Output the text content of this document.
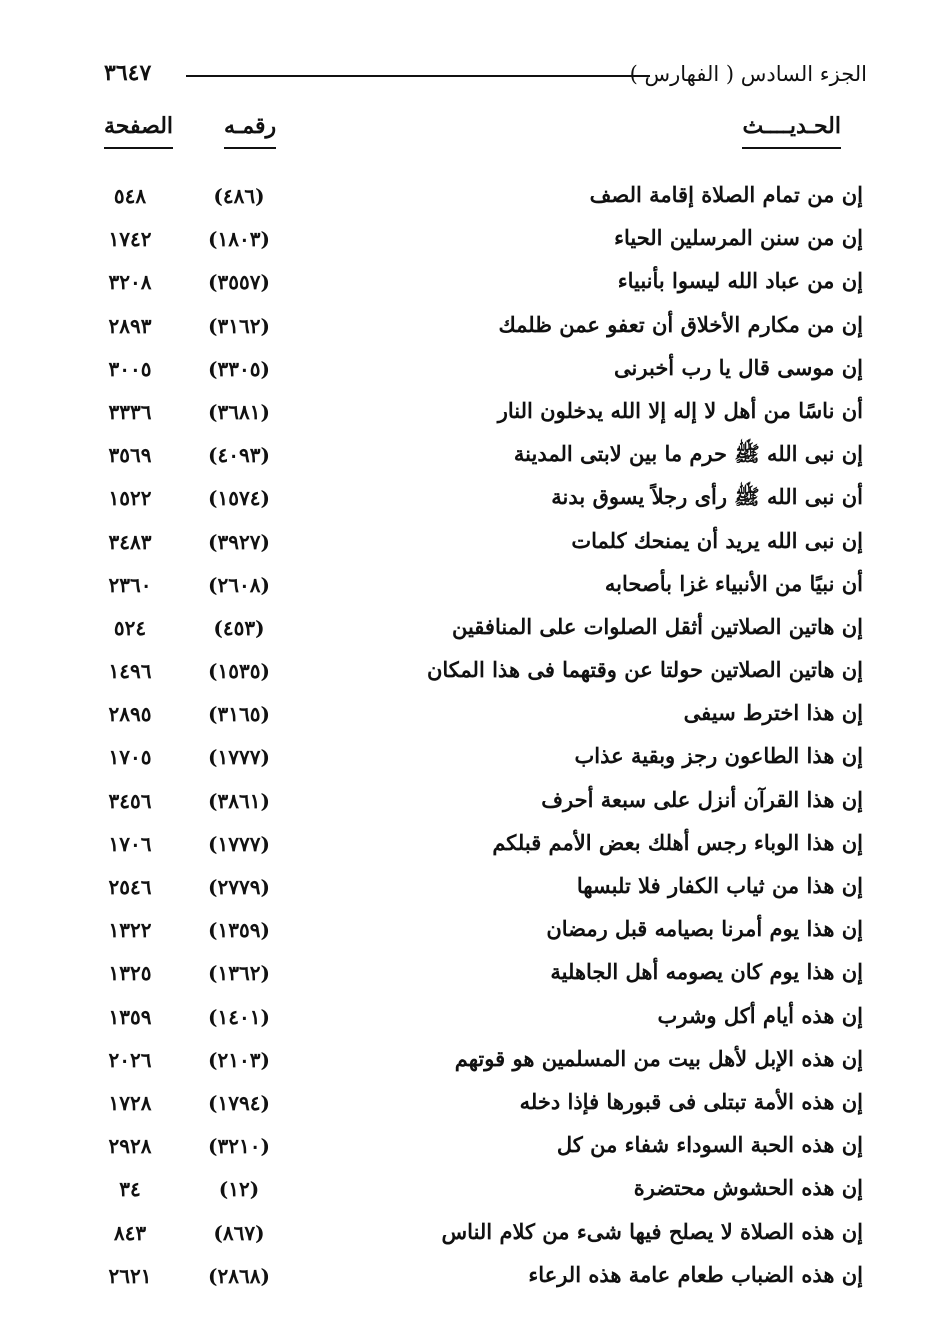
الجزء السادس ( الفهارس )
٣٦٤٧
الحـديــــث
رقمـه
الصفحة
إن من تمام الصلاة إقامة الصف
(٤٨٦)
٥٤٨
إن من سنن المرسلين الحياء
(١٨٠٣)
١٧٤٢
إن من عباد الله ليسوا بأنبياء
(٣٥٥٧)
٣٢٠٨
إن من مكارم الأخلاق أن تعفو عمن ظلمك
(٣١٦٢)
٢٨٩٣
إن موسى قال يا رب أخبرنى
(٣٣٠٥)
٣٠٠٥
أن ناسًا من أهل لا إله إلا الله يدخلون النار
(٣٦٨١)
٣٣٣٦
إن نبى الله ﷺ حرم ما بين لابتى المدينة
(٤٠٩٣)
٣٥٦٩
أن نبى الله ﷺ رأى رجلاً يسوق بدنة
(١٥٧٤)
١٥٢٢
إن نبى الله يريد أن يمنحك كلمات
(٣٩٢٧)
٣٤٨٣
أن نبيًا من الأنبياء غزا بأصحابه
(٢٦٠٨)
٢٣٦٠
إن هاتين الصلاتين أثقل الصلوات على المنافقين
(٤٥٣)
٥٢٤
إن هاتين الصلاتين حولتا عن وقتهما فى هذا المكان
(١٥٣٥)
١٤٩٦
إن هذا اخترط سيفى
(٣١٦٥)
٢٨٩٥
إن هذا الطاعون رجز وبقية عذاب
(١٧٧٧)
١٧٠٥
إن هذا القرآن أنزل على سبعة أحرف
(٣٨٦١)
٣٤٥٦
إن هذا الوباء رجس أهلك بعض الأمم قبلكم
(١٧٧٧)
١٧٠٦
إن هذا من ثياب الكفار فلا تلبسها
(٢٧٧٩)
٢٥٤٦
إن هذا يوم أمرنا بصيامه قبل رمضان
(١٣٥٩)
١٣٢٢
إن هذا يوم كان يصومه أهل الجاهلية
(١٣٦٢)
١٣٢٥
إن هذه أيام أكل وشرب
(١٤٠١)
١٣٥٩
إن هذه الإبل لأهل بيت من المسلمين هو قوتهم
(٢١٠٣)
٢٠٢٦
إن هذه الأمة تبتلى فى قبورها فإذا دخله
(١٧٩٤)
١٧٢٨
إن هذه الحبة السوداء شفاء من كل
(٣٢١٠)
٢٩٢٨
إن هذه الحشوش محتضرة
(١٢)
٣٤
إن هذه الصلاة لا يصلح فيها شىء من كلام الناس
(٨٦٧)
٨٤٣
إن هذه الضباب طعام عامة هذه الرعاء
(٢٨٦٨)
٢٦٢١
